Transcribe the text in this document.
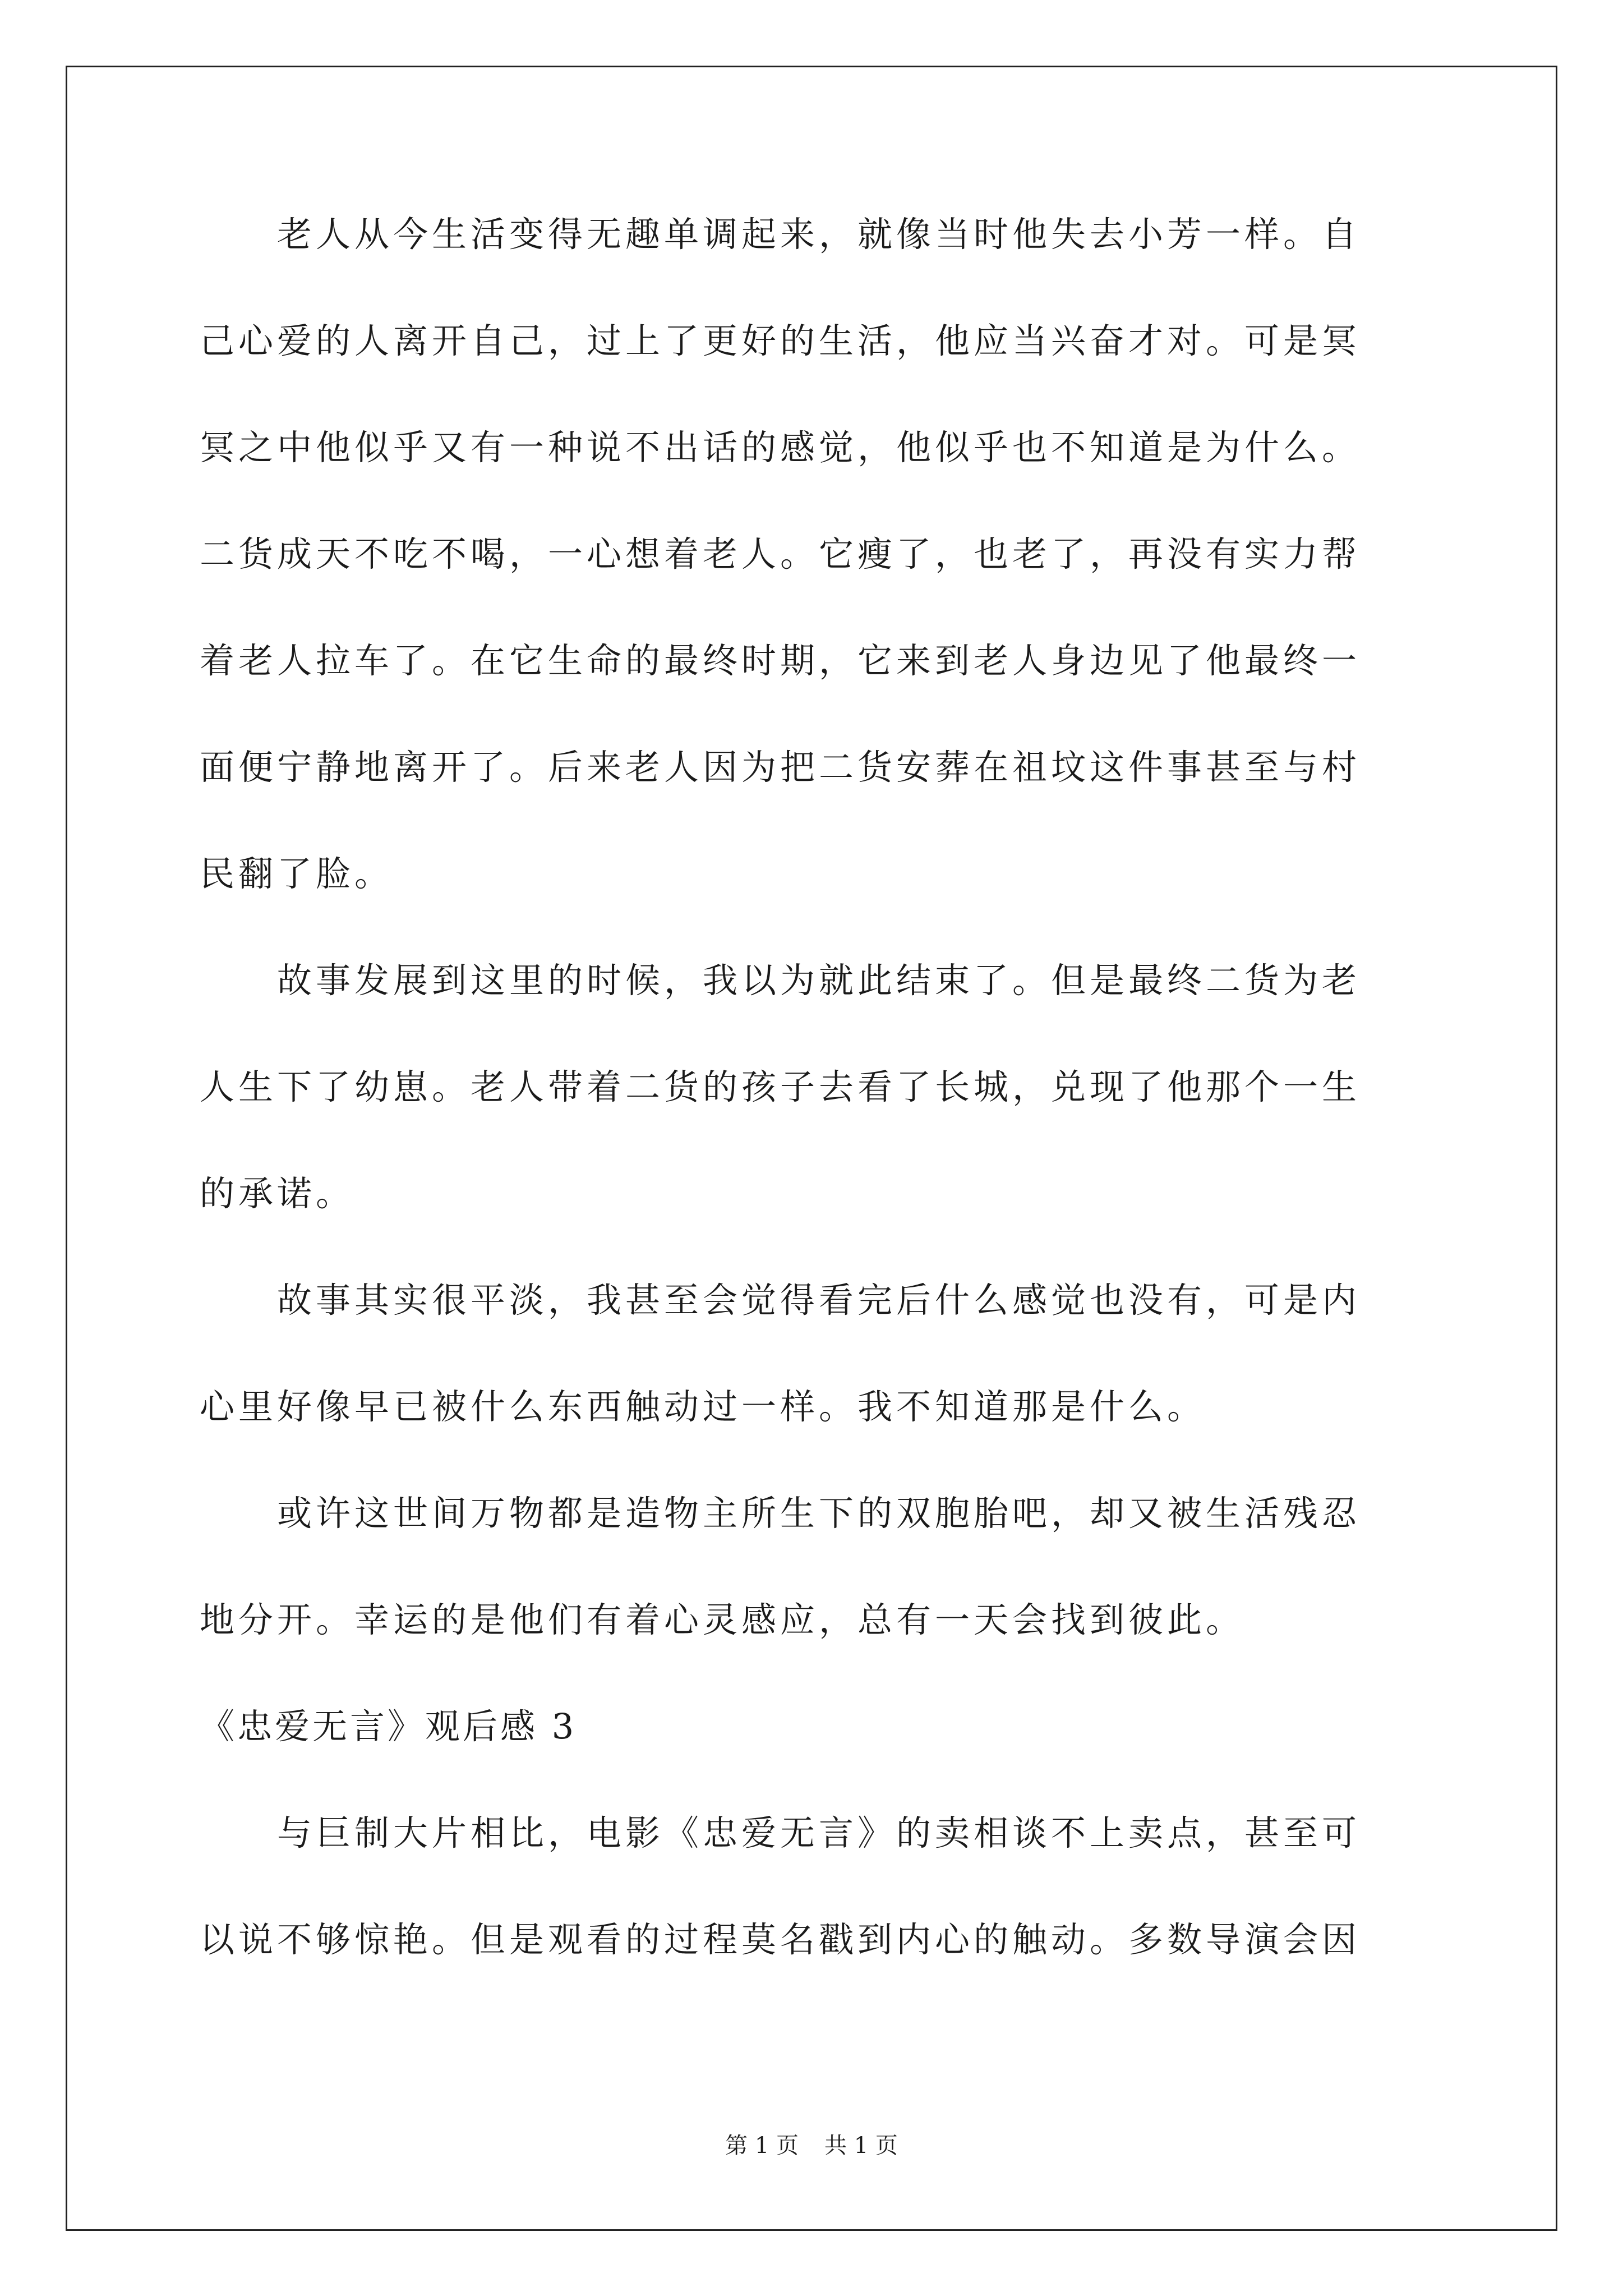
　　老人从今生活变得无趣单调起来，就像当时他失去小芳一样。自
己心爱的人离开自己，过上了更好的生活，他应当兴奋才对。可是冥
冥之中他似乎又有一种说不出话的感觉，他似乎也不知道是为什么。
二货成天不吃不喝，一心想着老人。它瘦了，也老了，再没有实力帮
着老人拉车了。在它生命的最终时期，它来到老人身边见了他最终一
面便宁静地离开了。后来老人因为把二货安葬在祖坟这件事甚至与村
民翻了脸。
　　故事发展到这里的时候，我以为就此结束了。但是最终二货为老
人生下了幼崽。老人带着二货的孩子去看了长城，兑现了他那个一生
的承诺。
　　故事其实很平淡，我甚至会觉得看完后什么感觉也没有，可是内
心里好像早已被什么东西触动过一样。我不知道那是什么。
　　或许这世间万物都是造物主所生下的双胞胎吧，却又被生活残忍
地分开。幸运的是他们有着心灵感应，总有一天会找到彼此。
《忠爱无言》观后感 3
　　与巨制大片相比，电影《忠爱无言》的卖相谈不上卖点，甚至可
以说不够惊艳。但是观看的过程莫名戳到内心的触动。多数导演会因
第 1 页 共 1 页
